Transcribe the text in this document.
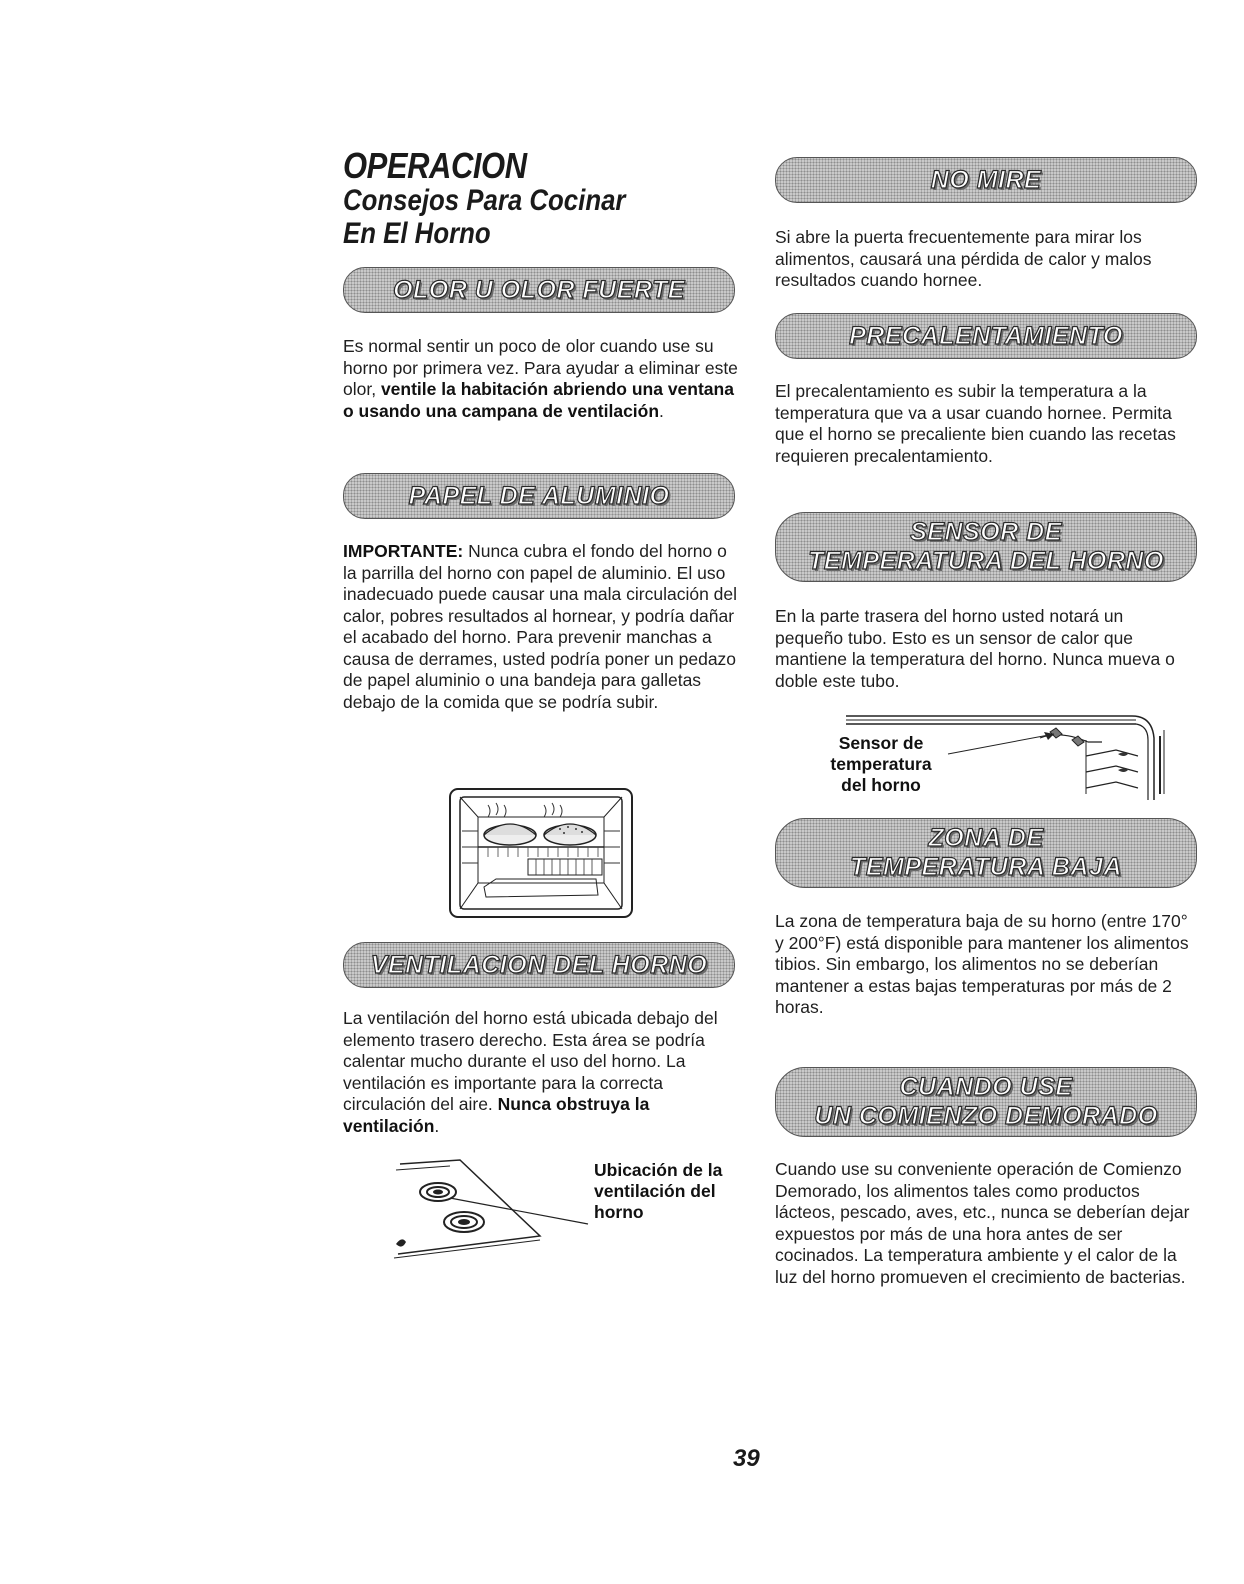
OPERACION
Consejos Para Cocinar
En El Horno
OLOR U OLOR FUERTE

Es normal sentir un poco de olor cuando use su horno por primera vez. Para ayudar a eliminar este olor, ventile la habitación abriendo una ventana o usando una campana de ventilación.

PAPEL DE ALUMINIO

IMPORTANTE: Nunca cubra el fondo del horno o la parrilla del horno con papel de aluminio. El uso inadecuado puede causar una mala circulación del calor, pobres resultados al hornear, y podría dañar el acabado del horno. Para prevenir manchas a causa de derrames, usted podría poner un pedazo de papel aluminio o una bandeja para galletas debajo de la comida que se podría subir.

VENTILACION DEL HORNO

La ventilación del horno está ubicada debajo del elemento trasero derecho. Esta área se podría calentar mucho durante el uso del horno. La ventilación es importante para la correcta circulación del aire. Nunca obstruya la ventilación.

Ubicación de la
ventilación del
horno
NO MIRE

Si abre la puerta frecuentemente para mirar los alimentos, causará una pérdida de calor y malos resultados cuando hornee.

PRECALENTAMIENTO

El precalentamiento es subir la temperatura a la temperatura que va a usar cuando hornee. Permita que el horno se precaliente bien cuando las recetas requieren precalentamiento.

SENSOR DE
TEMPERATURA DEL HORNO

En la parte trasera del horno usted notará un pequeño tubo. Esto es un sensor de calor que mantiene la temperatura del horno. Nunca mueva o doble este tubo.

Sensor de
temperatura
del horno
ZONA DE
TEMPERATURA BAJA

La zona de temperatura baja de su horno (entre 170° y 200°F) está disponible para mantener los alimentos tibios. Sin embargo, los alimentos no se deberían mantener a estas bajas temperaturas por más de 2 horas.

CUANDO USE
UN COMIENZO DEMORADO

Cuando use su conveniente operación de Comienzo Demorado, los alimentos tales como productos lácteos, pescado, aves, etc., nunca se deberían dejar expuestos por más de una hora antes de ser cocinados. La temperatura ambiente y el calor de la luz del horno promueven el crecimiento de bacterias.

39
